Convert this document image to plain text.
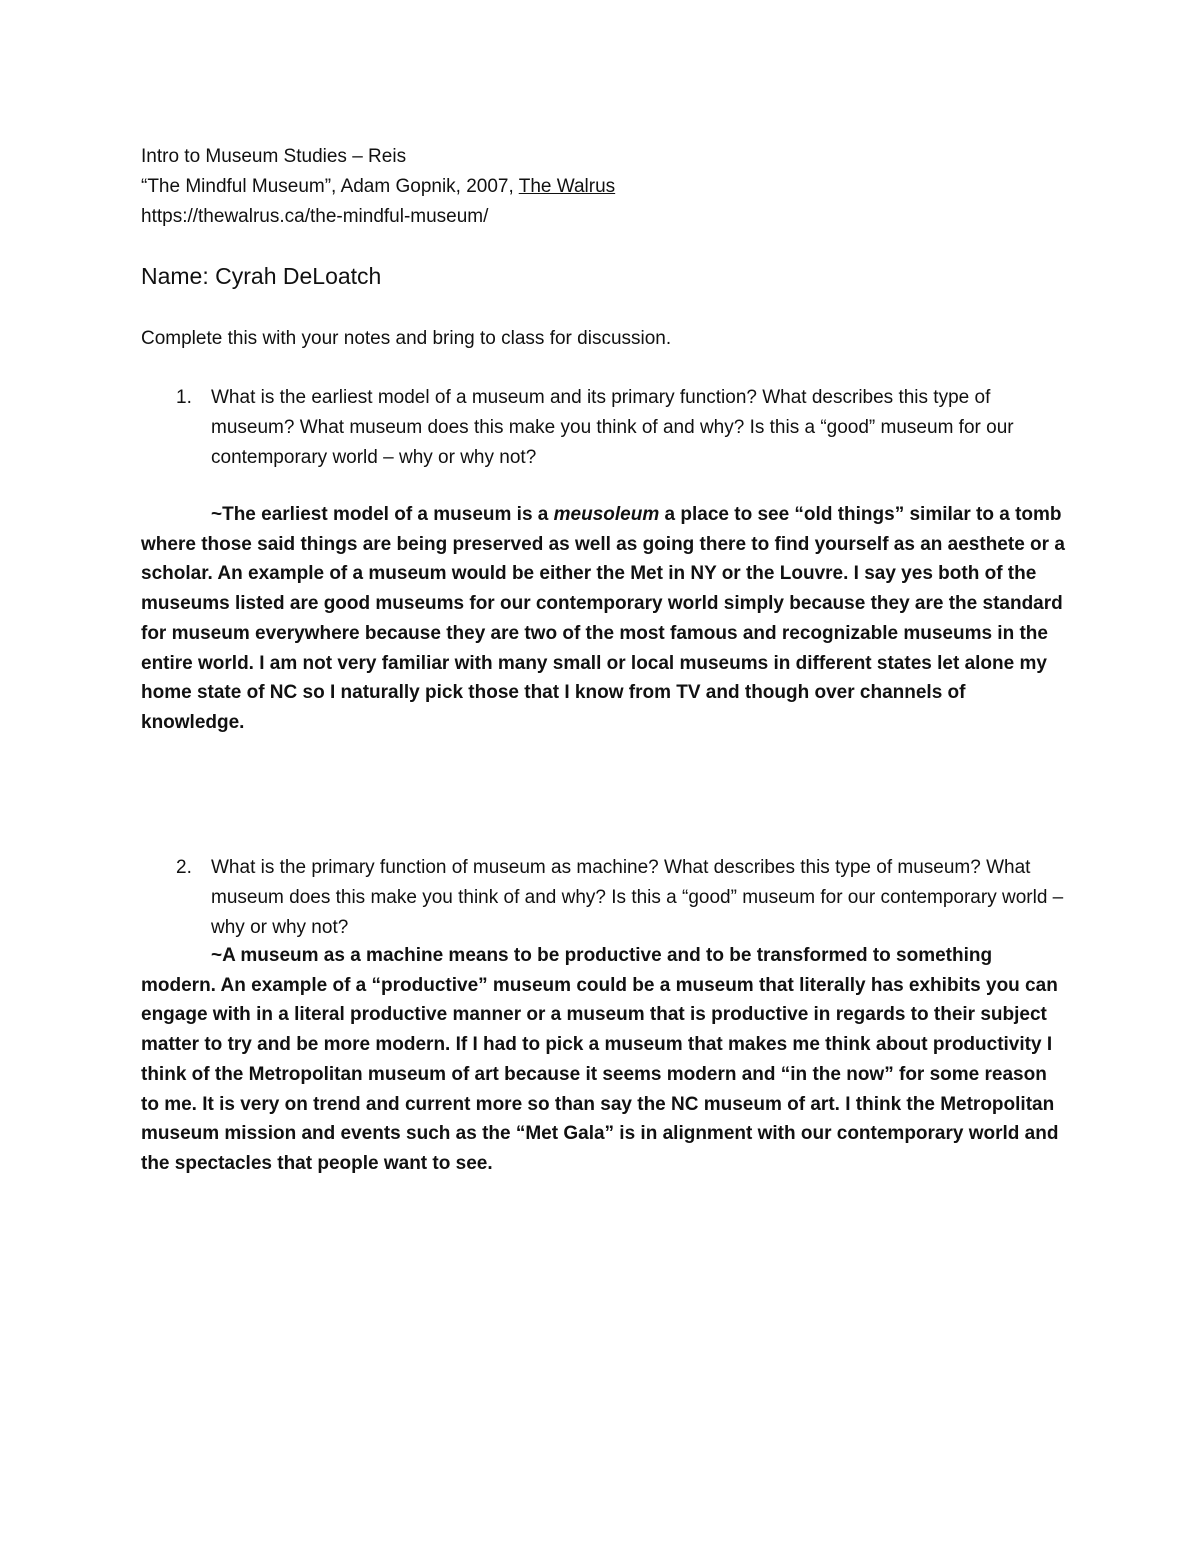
Intro to Museum Studies – Reis
“The Mindful Museum”, Adam Gopnik, 2007, The Walrus
https://thewalrus.ca/the-mindful-museum/
Name: Cyrah DeLoatch
Complete this with your notes and bring to class for discussion.
1. What is the earliest model of a museum and its primary function? What describes this type of museum? What museum does this make you think of and why? Is this a “good” museum for our contemporary world – why or why not?
~The earliest model of a museum is a meusoleum a place to see “old things” similar to a tomb where those said things are being preserved as well as going there to find yourself as an aesthete or a scholar. An example of a museum would be either the Met in NY or the Louvre. I say yes both of the museums listed are good museums for our contemporary world simply because they are the standard for museum everywhere because they are two of the most famous and recognizable museums in the entire world. I am not very familiar with many small or local museums in different states let alone my home state of NC so I naturally pick those that I know from TV and though over channels of knowledge.
2. What is the primary function of museum as machine? What describes this type of museum? What museum does this make you think of and why? Is this a “good” museum for our contemporary world – why or why not?
~A museum as a machine means to be productive and to be transformed to something modern. An example of a “productive” museum could be a museum that literally has exhibits you can engage with in a literal productive manner or a museum that is productive in regards to their subject matter to try and be more modern. If I had to pick a museum that makes me think about productivity I think of the Metropolitan museum of art because it seems modern and “in the now” for some reason to me. It is very on trend and current more so than say the NC museum of art. I think the Metropolitan museum mission and events such as the “Met Gala” is in alignment with our contemporary world and the spectacles that people want to see.
